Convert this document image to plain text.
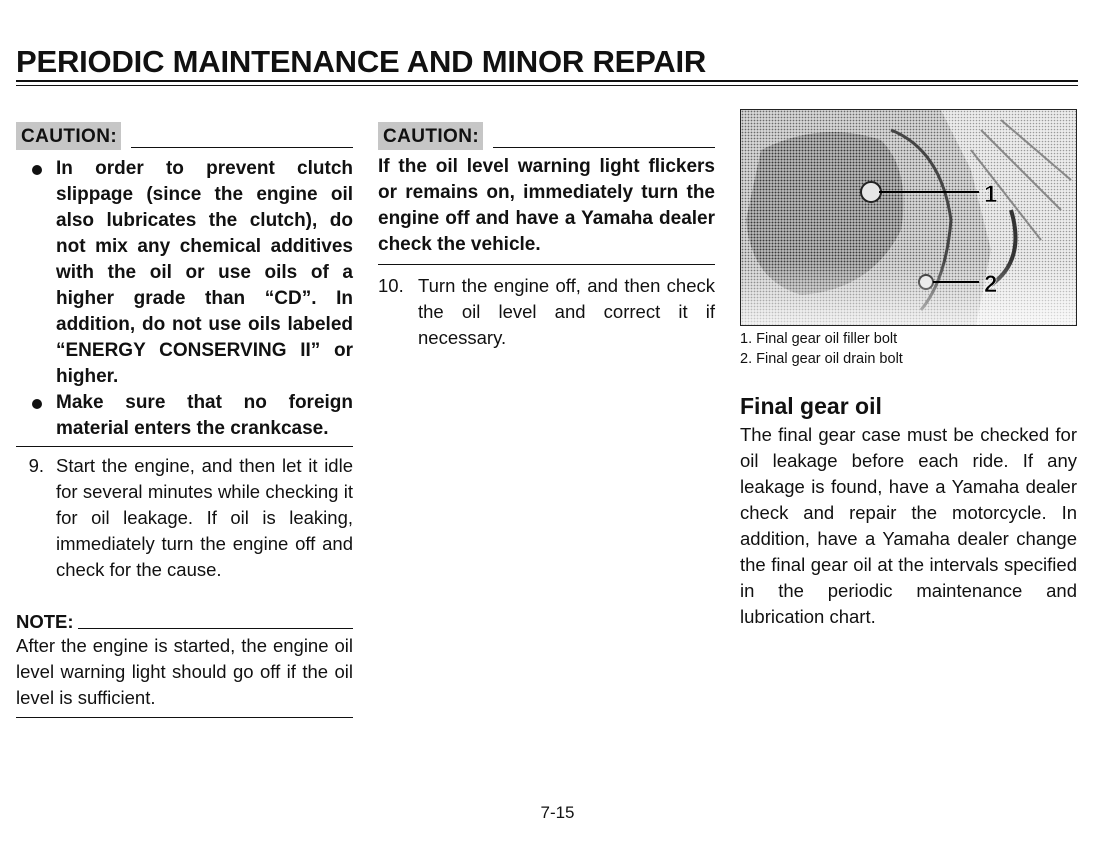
PERIODIC MAINTENANCE AND MINOR REPAIR
CAUTION:
In order to prevent clutch slippage (since the engine oil also lubricates the clutch), do not mix any chemical additives with the oil or use oils of a higher grade than “CD”. In addition, do not use oils labeled “ENERGY CONSERVING II” or higher.
Make sure that no foreign material enters the crankcase.
9. Start the engine, and then let it idle for several minutes while checking it for oil leakage. If oil is leaking, immediately turn the engine off and check for the cause.
NOTE:
After the engine is started, the engine oil level warning light should go off if the oil level is sufficient.
CAUTION:
If the oil level warning light flickers or remains on, immediately turn the engine off and have a Yamaha dealer check the vehicle.
10. Turn the engine off, and then check the oil level and correct it if necessary.
1
2
1. Final gear oil filler bolt
2. Final gear oil drain bolt
Final gear oil
The final gear case must be checked for oil leakage before each ride. If any leakage is found, have a Yamaha dealer check and repair the motorcycle. In addition, have a Yamaha dealer change the final gear oil at the intervals specified in the periodic maintenance and lubrication chart.
7-15
